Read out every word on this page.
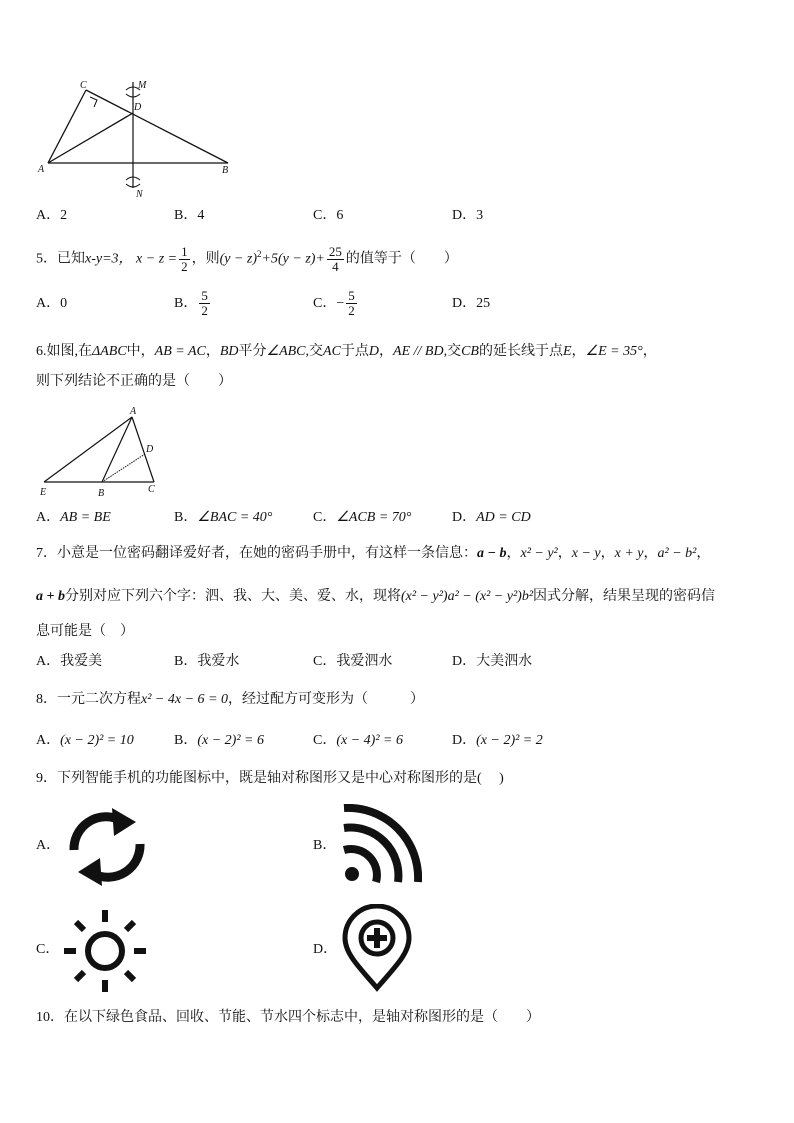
C	M
D
A	B
N
A．2	B．4	C．6	D．3
5．已知x-y=3， $x - z = \frac{1}{2}$ ，则$(y - z)^2+5(y - z)+ \frac{25}{4}$ 的值等于（　　）
A．0	B． $\frac{5}{2}$	C．− $\frac{5}{2}$	D．25
6.如图,在ΔABC中，AB = AC，BD平分∠ABC,交AC于点D，AE // BD,交CB的延长线于点E，∠E = 35°，
则下列结论不正确的是（　　）
A
D
E	B	C
A．AB = BE	B．∠BAC = 40°	C．∠ACB = 70°	D．AD = CD
7．小意是一位密码翻译爱好者，在她的密码手册中，有这样一条信息：a − b，x² − y²，x − y，x + y，a² − b²，
a + b分别对应下列六个字：泗、我、大、美、爱、水，现将(x² − y²)a² − (x² − y²)b²因式分解，结果呈现的密码信
息可能是（　）
A．我爱美	B．我爱水	C．我爱泗水	D．大美泗水
8．一元二次方程x² − 4x − 6 = 0，经过配方可变形为（　　　）
A．(x − 2)² = 10	B．(x − 2)² = 6	C．(x − 4)² = 6	D．(x − 2)² = 2
9．下列智能手机的功能图标中，既是轴对称图形又是中心对称图形的是(　 )
A．	B．
C．	D．
10．在以下绿色食品、回收、节能、节水四个标志中，是轴对称图形的是（　　）
